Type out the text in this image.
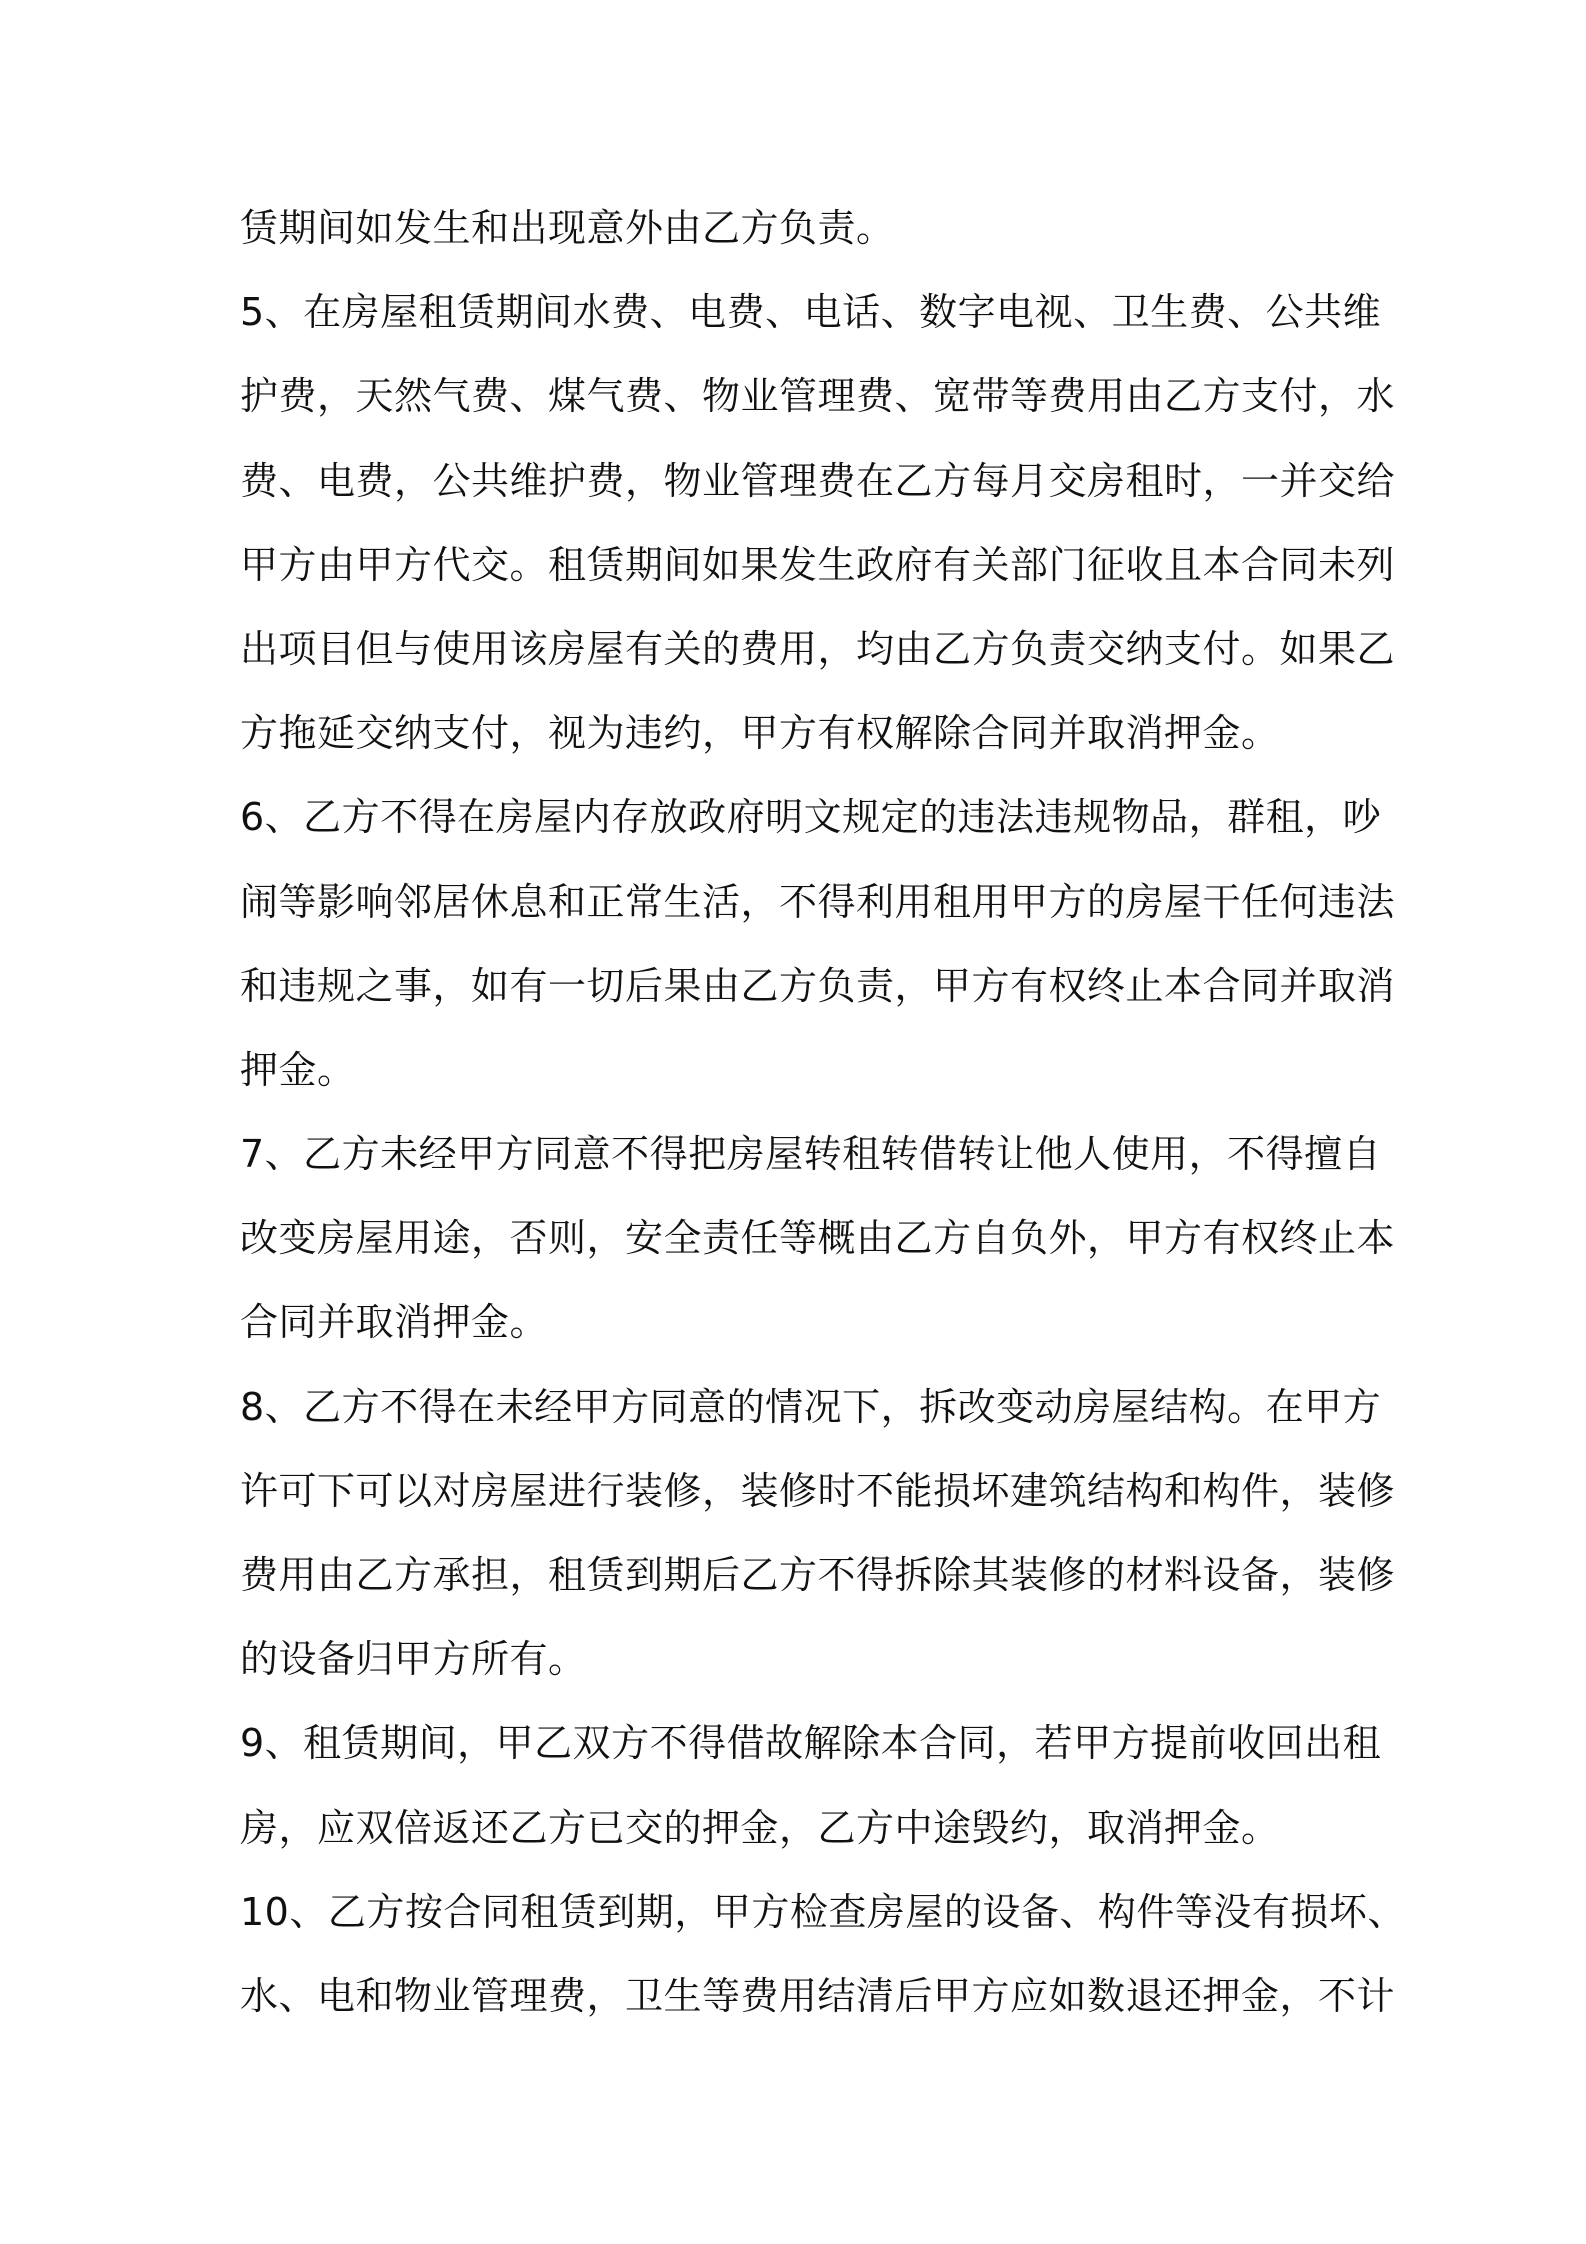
赁期间如发生和出现意外由乙方负责。
5、在房屋租赁期间水费、电费、电话、数字电视、卫生费、公共维
护费，天然气费、煤气费、物业管理费、宽带等费用由乙方支付，水
费、电费，公共维护费，物业管理费在乙方每月交房租时，一并交给
甲方由甲方代交。租赁期间如果发生政府有关部门征收且本合同未列
出项目但与使用该房屋有关的费用，均由乙方负责交纳支付。如果乙
方拖延交纳支付，视为违约，甲方有权解除合同并取消押金。
6、乙方不得在房屋内存放政府明文规定的违法违规物品，群租，吵
闹等影响邻居休息和正常生活，不得利用租用甲方的房屋干任何违法
和违规之事，如有一切后果由乙方负责，甲方有权终止本合同并取消
押金。
7、乙方未经甲方同意不得把房屋转租转借转让他人使用，不得擅自
改变房屋用途，否则，安全责任等概由乙方自负外，甲方有权终止本
合同并取消押金。
8、乙方不得在未经甲方同意的情况下，拆改变动房屋结构。在甲方
许可下可以对房屋进行装修，装修时不能损坏建筑结构和构件，装修
费用由乙方承担，租赁到期后乙方不得拆除其装修的材料设备，装修
的设备归甲方所有。
9、租赁期间，甲乙双方不得借故解除本合同，若甲方提前收回出租
房，应双倍返还乙方已交的押金，乙方中途毁约，取消押金。
10、乙方按合同租赁到期，甲方检查房屋的设备、构件等没有损坏、
水、电和物业管理费，卫生等费用结清后甲方应如数退还押金，不计
